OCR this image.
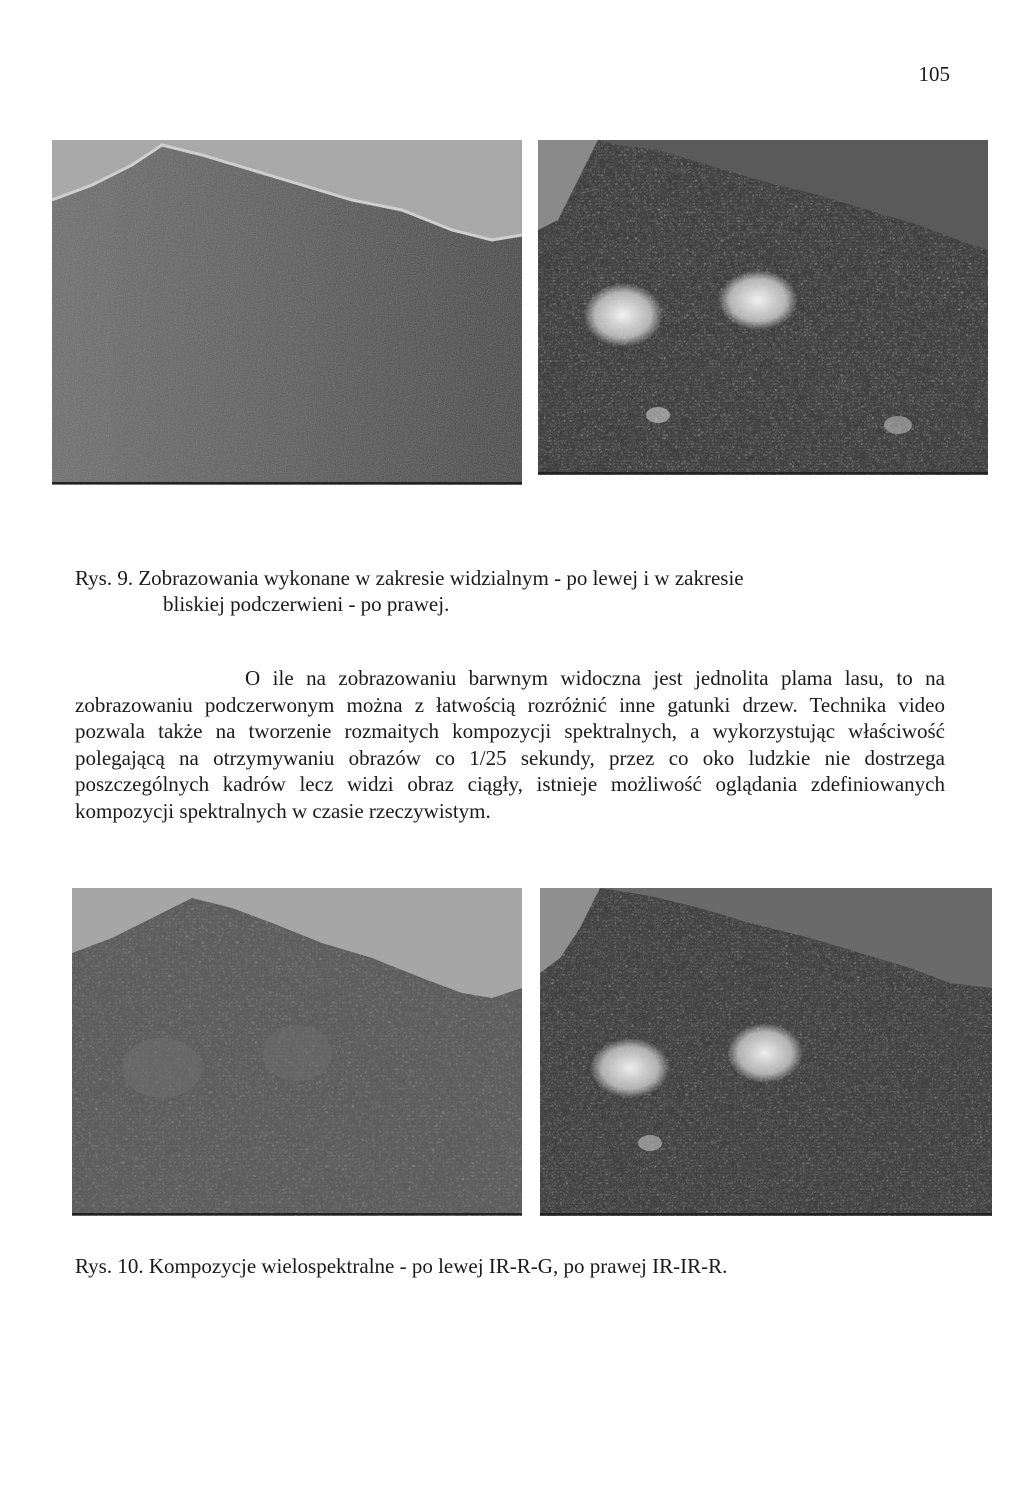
105
Rys. 9. Zobrazowania wykonane w zakresie widzialnym - po lewej i w zakresie
bliskiej podczerwieni - po prawej.

O ile na zobrazowaniu barwnym widoczna jest jednolita plama lasu, to na zobrazowaniu podczerwonym można z łatwością rozróżnić inne gatunki drzew. Technika video pozwala także na tworzenie rozmaitych kompozycji spektralnych, a wykorzystując właściwość polegającą na otrzymywaniu obrazów co 1/25 sekundy, przez co oko ludzkie nie dostrzega poszczególnych kadrów lecz widzi obraz ciągły, istnieje możliwość oglądania zdefiniowanych kompozycji spektralnych w czasie rzeczywistym.

Rys. 10. Kompozycje wielospektralne - po lewej IR-R-G, po prawej IR-IR-R.
